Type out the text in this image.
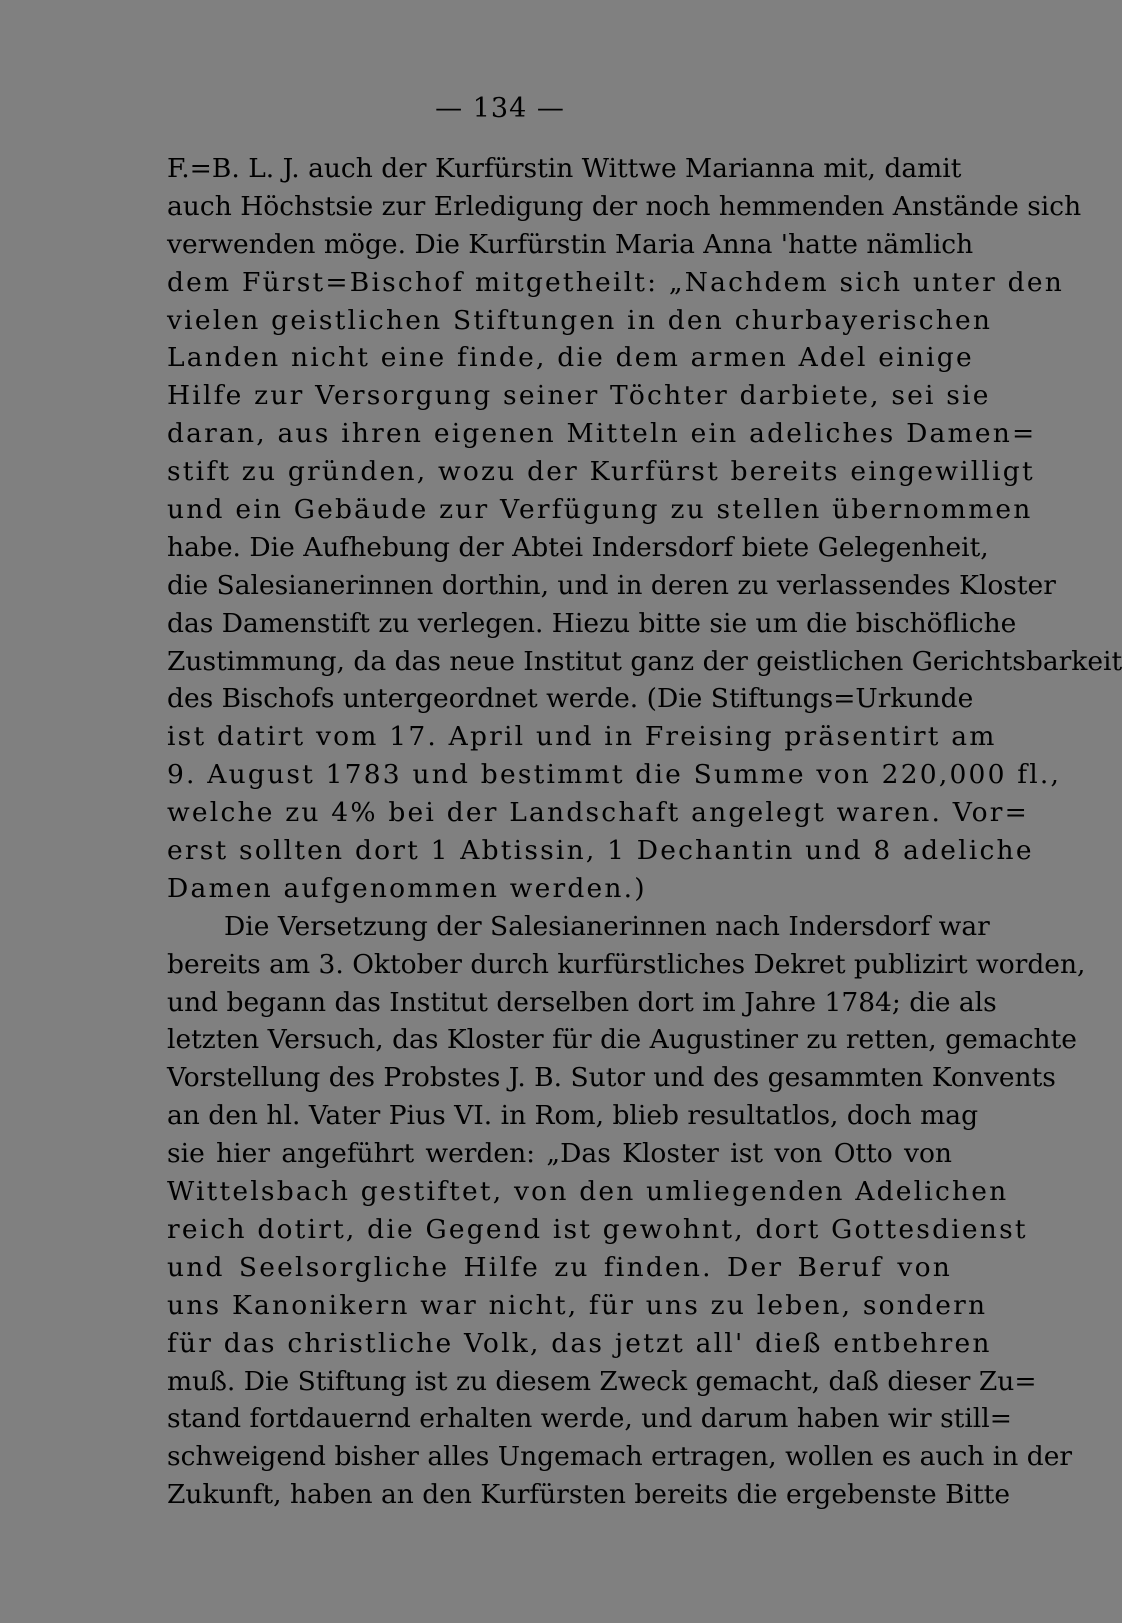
— 134 —
F.=B. L. J. auch der Kurfürstin Wittwe Marianna mit, damit
auch Höchstsie zur Erledigung der noch hemmenden Anstände sich
verwenden möge. Die Kurfürstin Maria Anna 'hatte nämlich
dem Fürst=Bischof mitgetheilt: „Nachdem sich unter den
vielen geistlichen Stiftungen in den churbayerischen
Landen nicht eine finde, die dem armen Adel einige
Hilfe zur Versorgung seiner Töchter darbiete, sei sie
daran, aus ihren eigenen Mitteln ein adeliches Damen=
stift zu gründen, wozu der Kurfürst bereits eingewilligt
und ein Gebäude zur Verfügung zu stellen übernommen
habe. Die Aufhebung der Abtei Indersdorf biete Gelegenheit,
die Salesianerinnen dorthin, und in deren zu verlassendes Kloster
das Damenstift zu verlegen. Hiezu bitte sie um die bischöfliche
Zustimmung, da das neue Institut ganz der geistlichen Gerichtsbarkeit
des Bischofs untergeordnet werde. (Die Stiftungs=Urkunde
ist datirt vom 17. April und in Freising präsentirt am
9. August 1783 und bestimmt die Summe von 220,000 fl.,
welche zu 4% bei der Landschaft angelegt waren. Vor=
erst sollten dort 1 Abtissin, 1 Dechantin und 8 adeliche
Damen aufgenommen werden.)
Die Versetzung der Salesianerinnen nach Indersdorf war
bereits am 3. Oktober durch kurfürstliches Dekret publizirt worden,
und begann das Institut derselben dort im Jahre 1784; die als
letzten Versuch, das Kloster für die Augustiner zu retten, gemachte
Vorstellung des Probstes J. B. Sutor und des gesammten Konvents
an den hl. Vater Pius VI. in Rom, blieb resultatlos, doch mag
sie hier angeführt werden: „Das Kloster ist von Otto von
Wittelsbach gestiftet, von den umliegenden Adelichen
reich dotirt, die Gegend ist gewohnt, dort Gottesdienst
und Seelsorgliche Hilfe zu finden. Der Beruf von
uns Kanonikern war nicht, für uns zu leben, sondern
für das christliche Volk, das jetzt all' dieß entbehren
muß. Die Stiftung ist zu diesem Zweck gemacht, daß dieser Zu=
stand fortdauernd erhalten werde, und darum haben wir still=
schweigend bisher alles Ungemach ertragen, wollen es auch in der
Zukunft, haben an den Kurfürsten bereits die ergebenste Bitte
